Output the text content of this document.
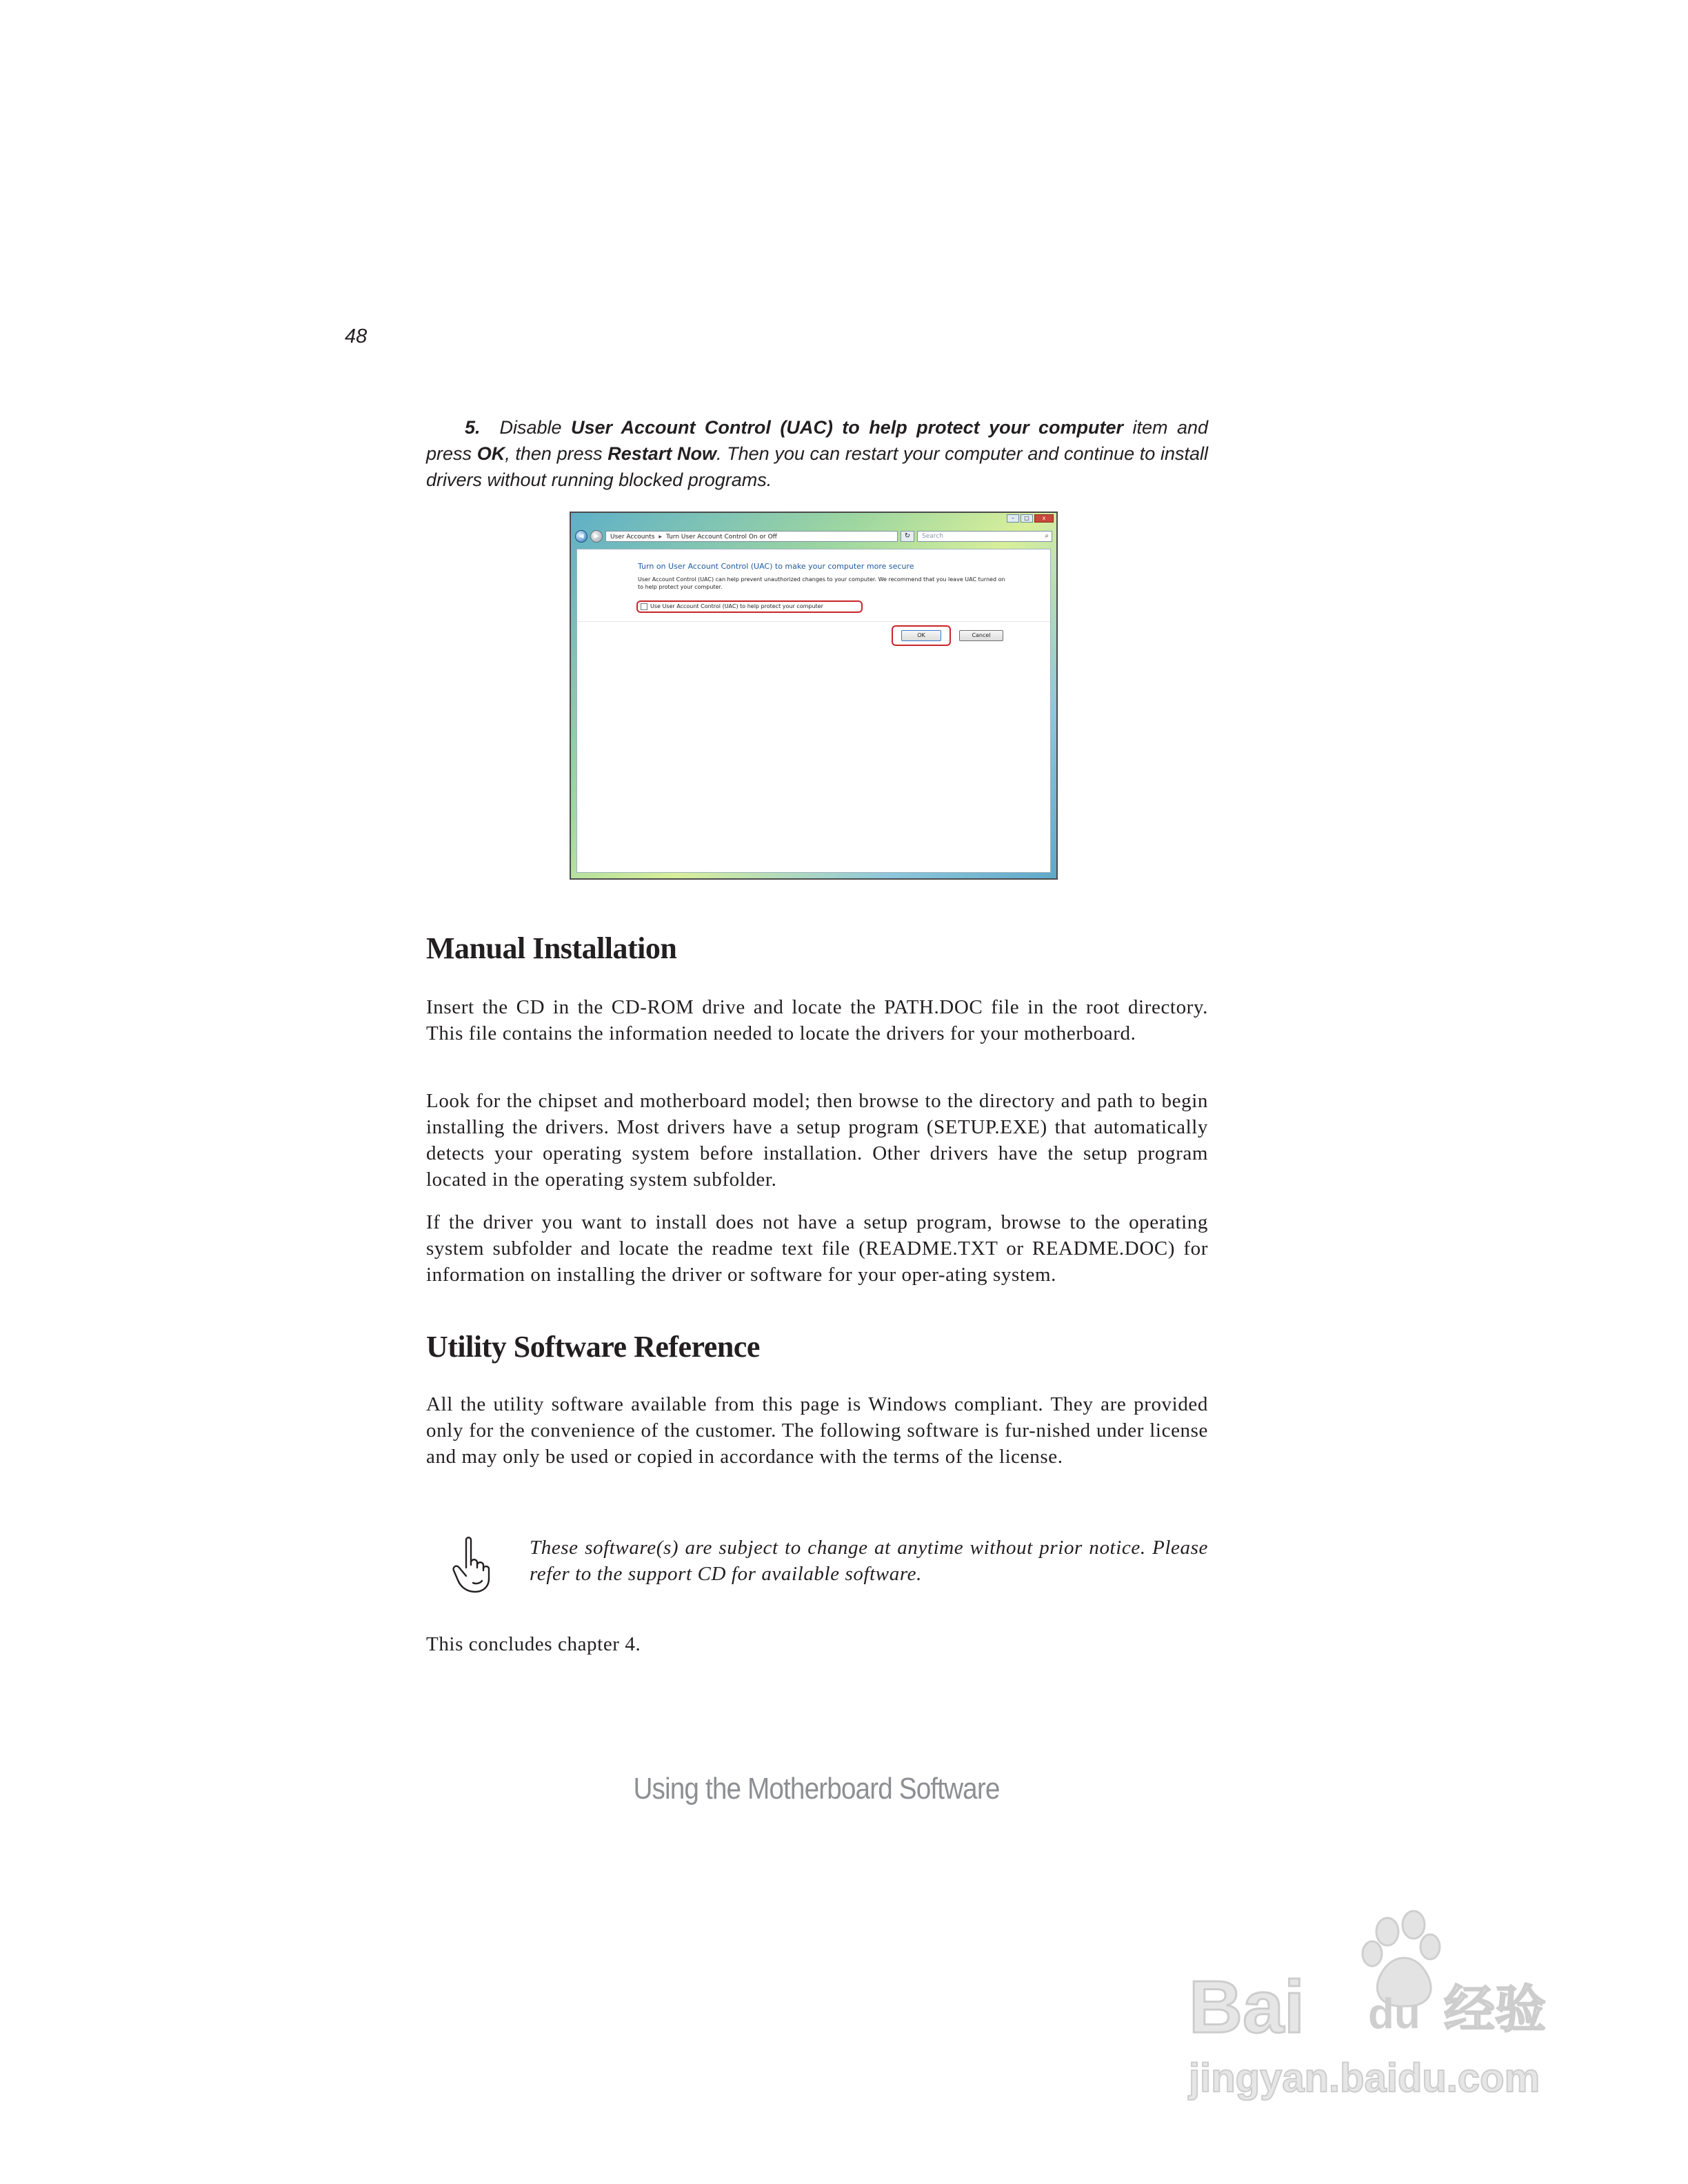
48

5. Disable User Account Control (UAC) to help protect your computer item and press OK, then press Restart Now. Then you can restart your computer and continue to install drivers without running blocked programs.

–	□	x
◀	▶	User Accounts ▸ Turn User Account Control On or Off	↻	Search	⌕
Turn on User Account Control (UAC) to make your computer more secure
User Account Control (UAC) can help prevent unauthorized changes to your computer. We recommend that you leave UAC turned on to help protect your computer.
Use User Account Control (UAC) to help protect your computer
OK	Cancel
Manual Installation

Insert the CD in the CD-ROM drive and locate the PATH.DOC file in the root directory. This file contains the information needed to locate the drivers for your motherboard.

Look for the chipset and motherboard model; then browse to the directory and path to begin installing the drivers. Most drivers have a setup program (SETUP.EXE) that automatically detects your operating system before installation. Other drivers have the setup program located in the operating system subfolder.

If the driver you want to install does not have a setup program, browse to the operating system subfolder and locate the readme text file (README.TXT or README.DOC) for information on installing the driver or software for your oper-ating system.

Utility Software Reference

All the utility software available from this page is Windows compliant. They are provided only for the convenience of the customer. The following software is fur-nished under license and may only be used or copied in accordance with the terms of the license.

These software(s) are subject to change at anytime without prior notice. Please refer to the support CD for available software.

This concludes chapter 4.

Using the Motherboard Software
Bai du 经验
jingyan.baidu.com
